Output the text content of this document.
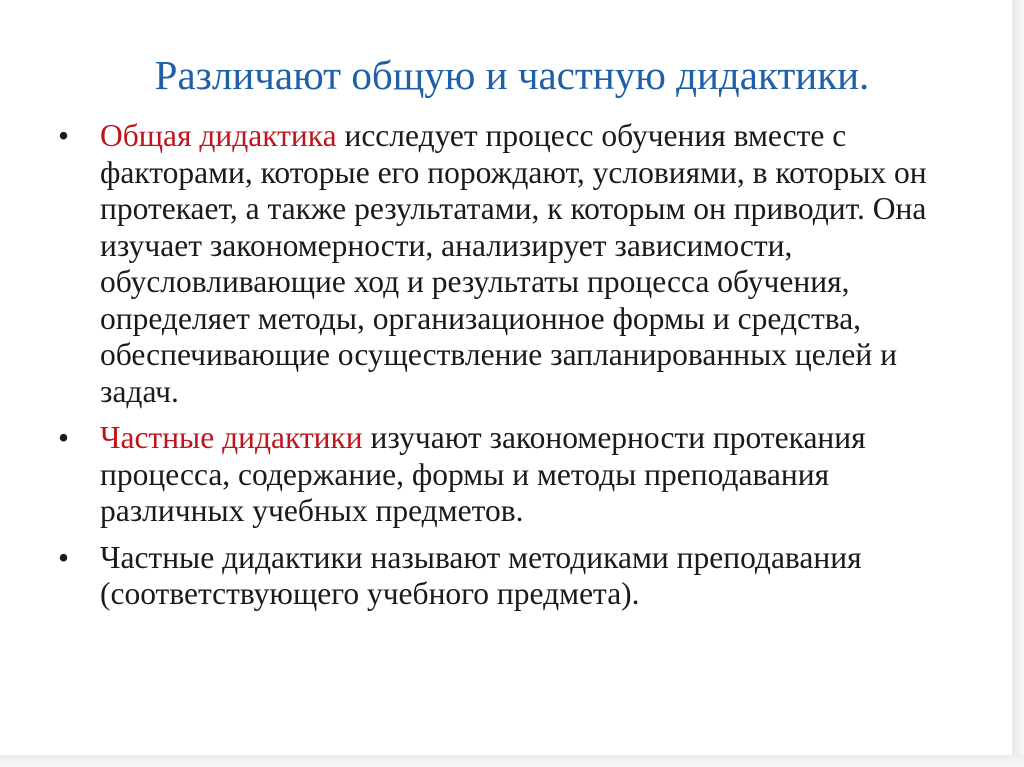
Различают общую и частную дидактики.
• Общая дидактика исследует процесс обучения вместе с факторами, которые его порождают, условиями, в которых он протекает, а также результатами, к которым он приводит. Она изучает закономерности, анализирует зависимости, обусловливающие ход и результаты процесса обучения, определяет методы, организационное формы и средства, обеспечивающие осуществление запланированных целей и задач.
• Частные дидактики изучают закономерности протекания процесса, содержание, формы и методы преподавания различных учебных предметов.
• Частные дидактики называют методиками преподавания (соответствующего учебного предмета).
